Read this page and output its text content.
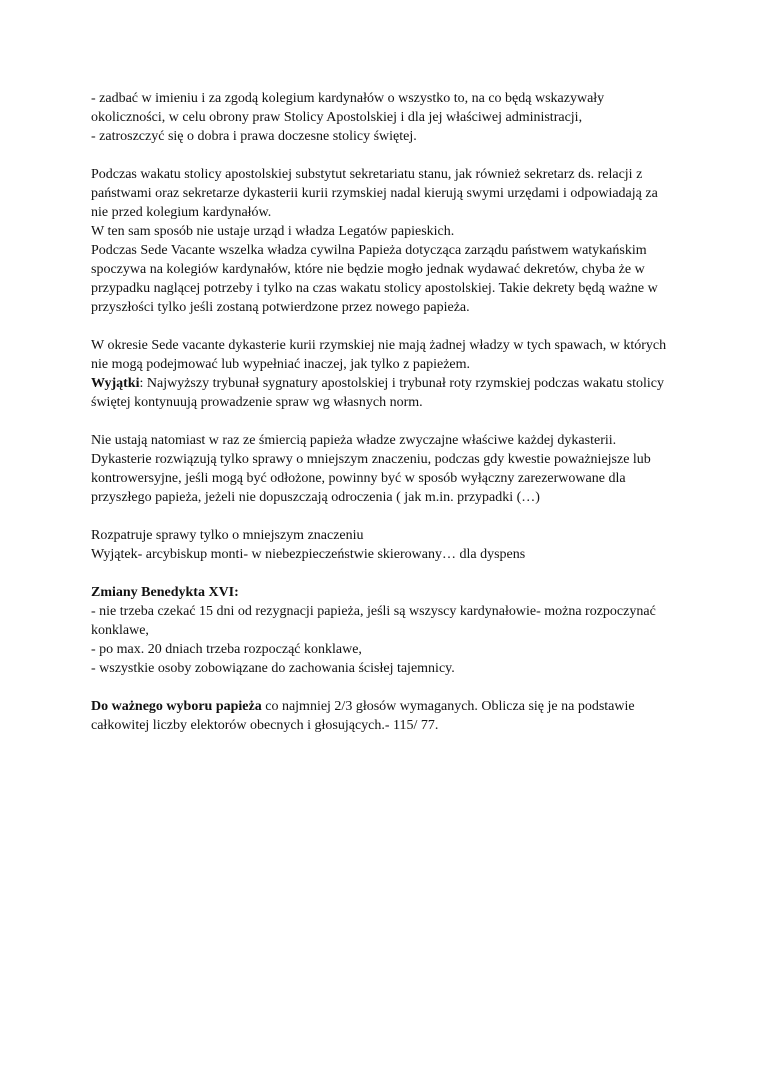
- zadbać w imieniu i za zgodą kolegium kardynałów o wszystko to, na co będą wskazywały
okoliczności, w celu obrony praw Stolicy Apostolskiej i dla jej właściwej administracji,
- zatroszczyć się o dobra i prawa doczesne stolicy świętej.

Podczas wakatu stolicy apostolskiej substytut sekretariatu stanu, jak również sekretarz ds. relacji z
państwami oraz sekretarze dykasterii kurii rzymskiej nadal kierują swymi urzędami i odpowiadają za
nie przed kolegium kardynałów.
W ten sam sposób nie ustaje urząd i władza Legatów papieskich.
Podczas Sede Vacante wszelka władza cywilna Papieża dotycząca zarządu państwem watykańskim
spoczywa na kolegiów kardynałów, które nie będzie mogło jednak wydawać dekretów, chyba że w
przypadku naglącej potrzeby i tylko na czas wakatu stolicy apostolskiej. Takie dekrety będą ważne w
przyszłości tylko jeśli zostaną potwierdzone przez nowego papieża.

W okresie Sede vacante dykasterie kurii rzymskiej nie mają żadnej władzy w tych spawach, w których
nie mogą podejmować lub wypełniać inaczej, jak tylko z papieżem.
Wyjątki: Najwyższy trybunał sygnatury apostolskiej i trybunał roty rzymskiej podczas wakatu stolicy
świętej kontynuują prowadzenie spraw wg własnych norm.

Nie ustają natomiast w raz ze śmiercią papieża władze zwyczajne właściwe każdej dykasterii.
Dykasterie rozwiązują tylko sprawy o mniejszym znaczeniu, podczas gdy kwestie poważniejsze lub
kontrowersyjne, jeśli mogą być odłożone, powinny być w sposób wyłączny zarezerwowane dla
przyszłego papieża, jeżeli nie dopuszczają odroczenia ( jak m.in. przypadki (…)

Rozpatruje sprawy tylko o mniejszym znaczeniu
Wyjątek- arcybiskup monti- w niebezpieczeństwie skierowany… dla dyspens

Zmiany Benedykta XVI:
- nie trzeba czekać 15 dni od rezygnacji papieża, jeśli są wszyscy kardynałowie- można rozpoczynać
konklawe,
- po max. 20 dniach trzeba rozpocząć konklawe,
- wszystkie osoby zobowiązane do zachowania ścisłej tajemnicy.

Do ważnego wyboru papieża co najmniej 2/3 głosów wymaganych. Oblicza się je na podstawie
całkowitej liczby elektorów obecnych i głosujących.- 115/ 77.
